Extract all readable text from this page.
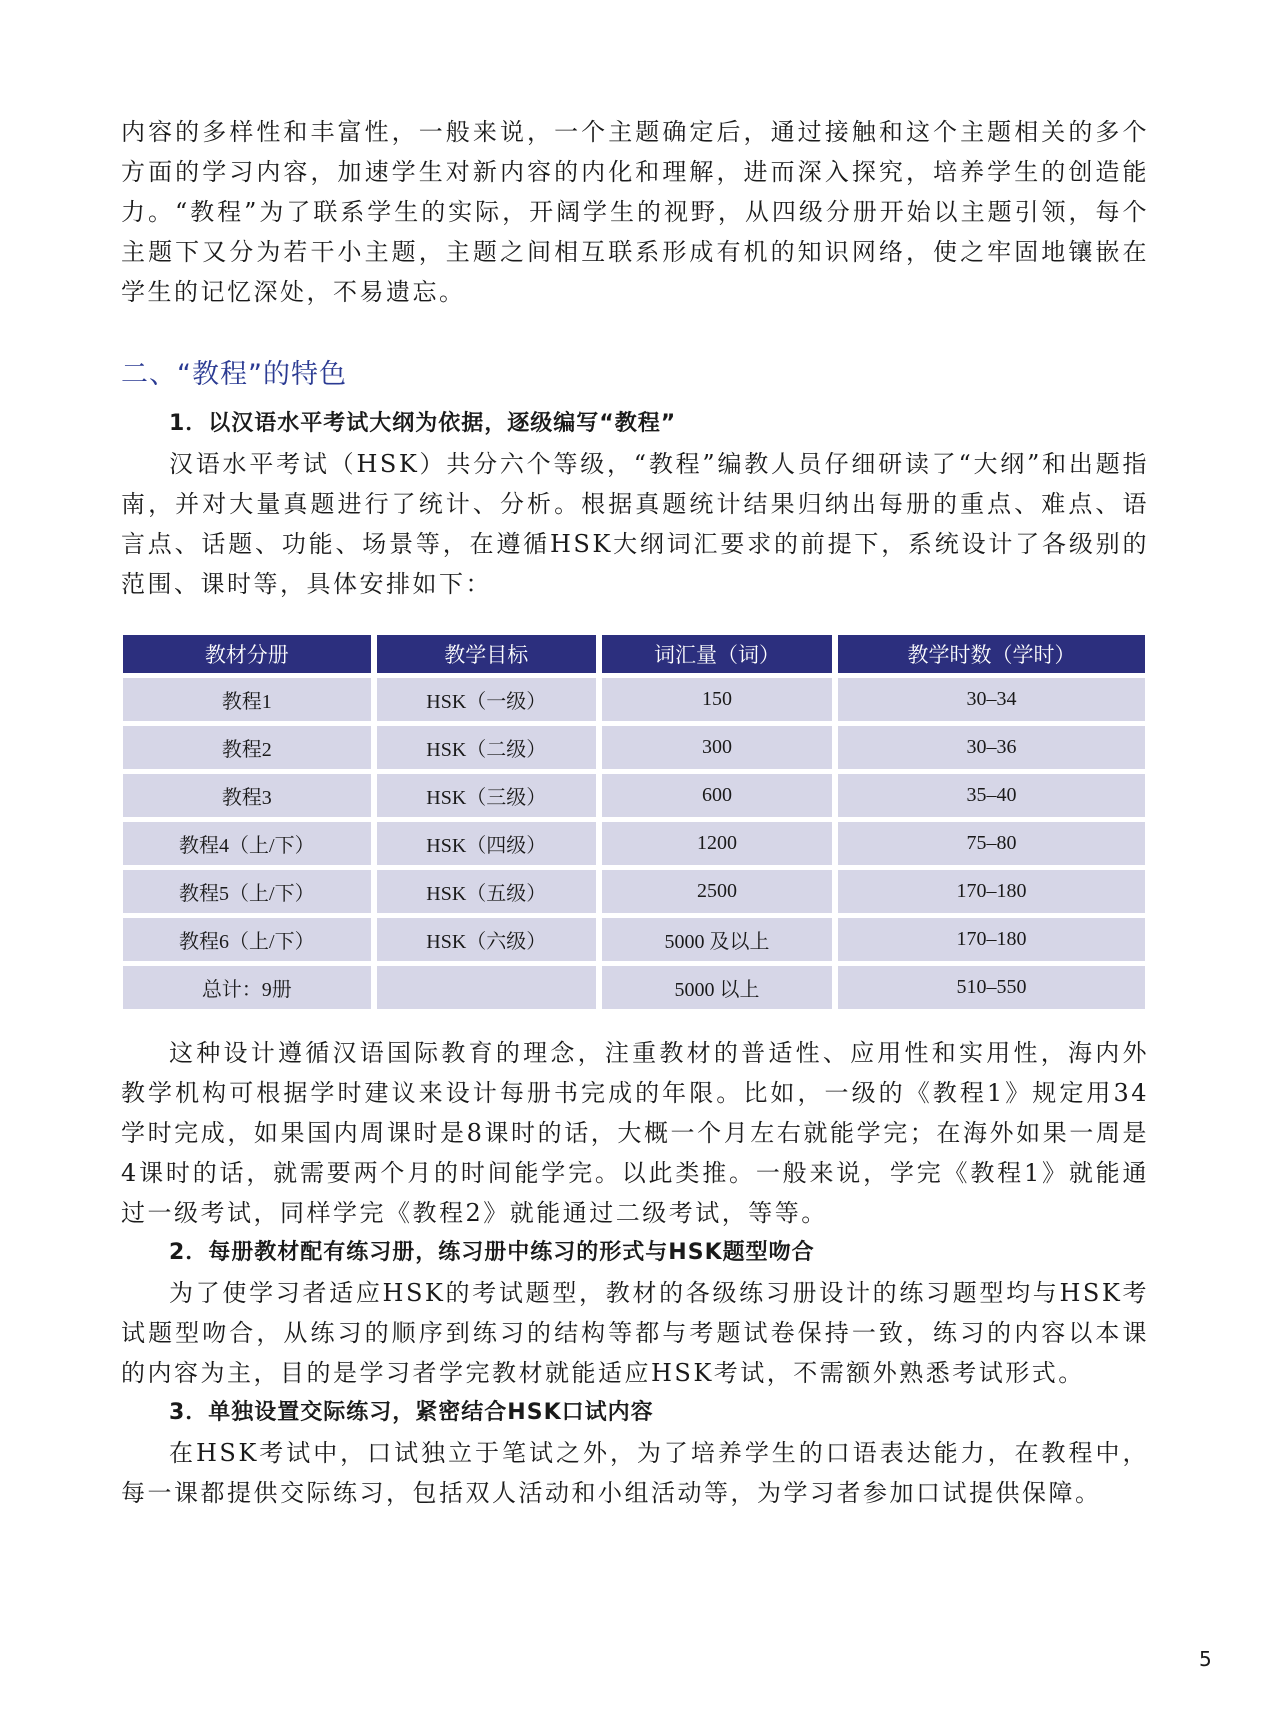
内容的多样性和丰富性，一般来说，一个主题确定后，通过接触和这个主题相关的多个方面的学习内容，加速学生对新内容的内化和理解，进而深入探究，培养学生的创造能力。“教程”为了联系学生的实际，开阔学生的视野，从四级分册开始以主题引领，每个主题下又分为若干小主题，主题之间相互联系形成有机的知识网络，使之牢固地镶嵌在学生的记忆深处，不易遗忘。

二、“教程”的特色
1．以汉语水平考试大纲为依据，逐级编写“教程”

汉语水平考试（HSK）共分六个等级，“教程”编教人员仔细研读了“大纲”和出题指南，并对大量真题进行了统计、分析。根据真题统计结果归纳出每册的重点、难点、语言点、话题、功能、场景等，在遵循HSK大纲词汇要求的前提下，系统设计了各级别的范围、课时等，具体安排如下：

教材分册	教学目标	词汇量（词）	教学时数（学时）
教程1	HSK（一级）	150	30–34
教程2	HSK（二级）	300	30–36
教程3	HSK（三级）	600	35–40
教程4（上/下）	HSK（四级）	1200	75–80
教程5（上/下）	HSK（五级）	2500	170–180
教程6（上/下）	HSK（六级）	5000 及以上	170–180
总计：9册		5000 以上	510–550

这种设计遵循汉语国际教育的理念，注重教材的普适性、应用性和实用性，海内外教学机构可根据学时建议来设计每册书完成的年限。比如，一级的《教程1》规定用34学时完成，如果国内周课时是8课时的话，大概一个月左右就能学完；在海外如果一周是4课时的话，就需要两个月的时间能学完。以此类推。一般来说，学完《教程1》就能通过一级考试，同样学完《教程2》就能通过二级考试，等等。

2．每册教材配有练习册，练习册中练习的形式与HSK题型吻合

为了使学习者适应HSK的考试题型，教材的各级练习册设计的练习题型均与HSK考试题型吻合，从练习的顺序到练习的结构等都与考题试卷保持一致，练习的内容以本课的内容为主，目的是学习者学完教材就能适应HSK考试，不需额外熟悉考试形式。

3．单独设置交际练习，紧密结合HSK口试内容

在HSK考试中，口试独立于笔试之外，为了培养学生的口语表达能力，在教程中，每一课都提供交际练习，包括双人活动和小组活动等，为学习者参加口试提供保障。

5
